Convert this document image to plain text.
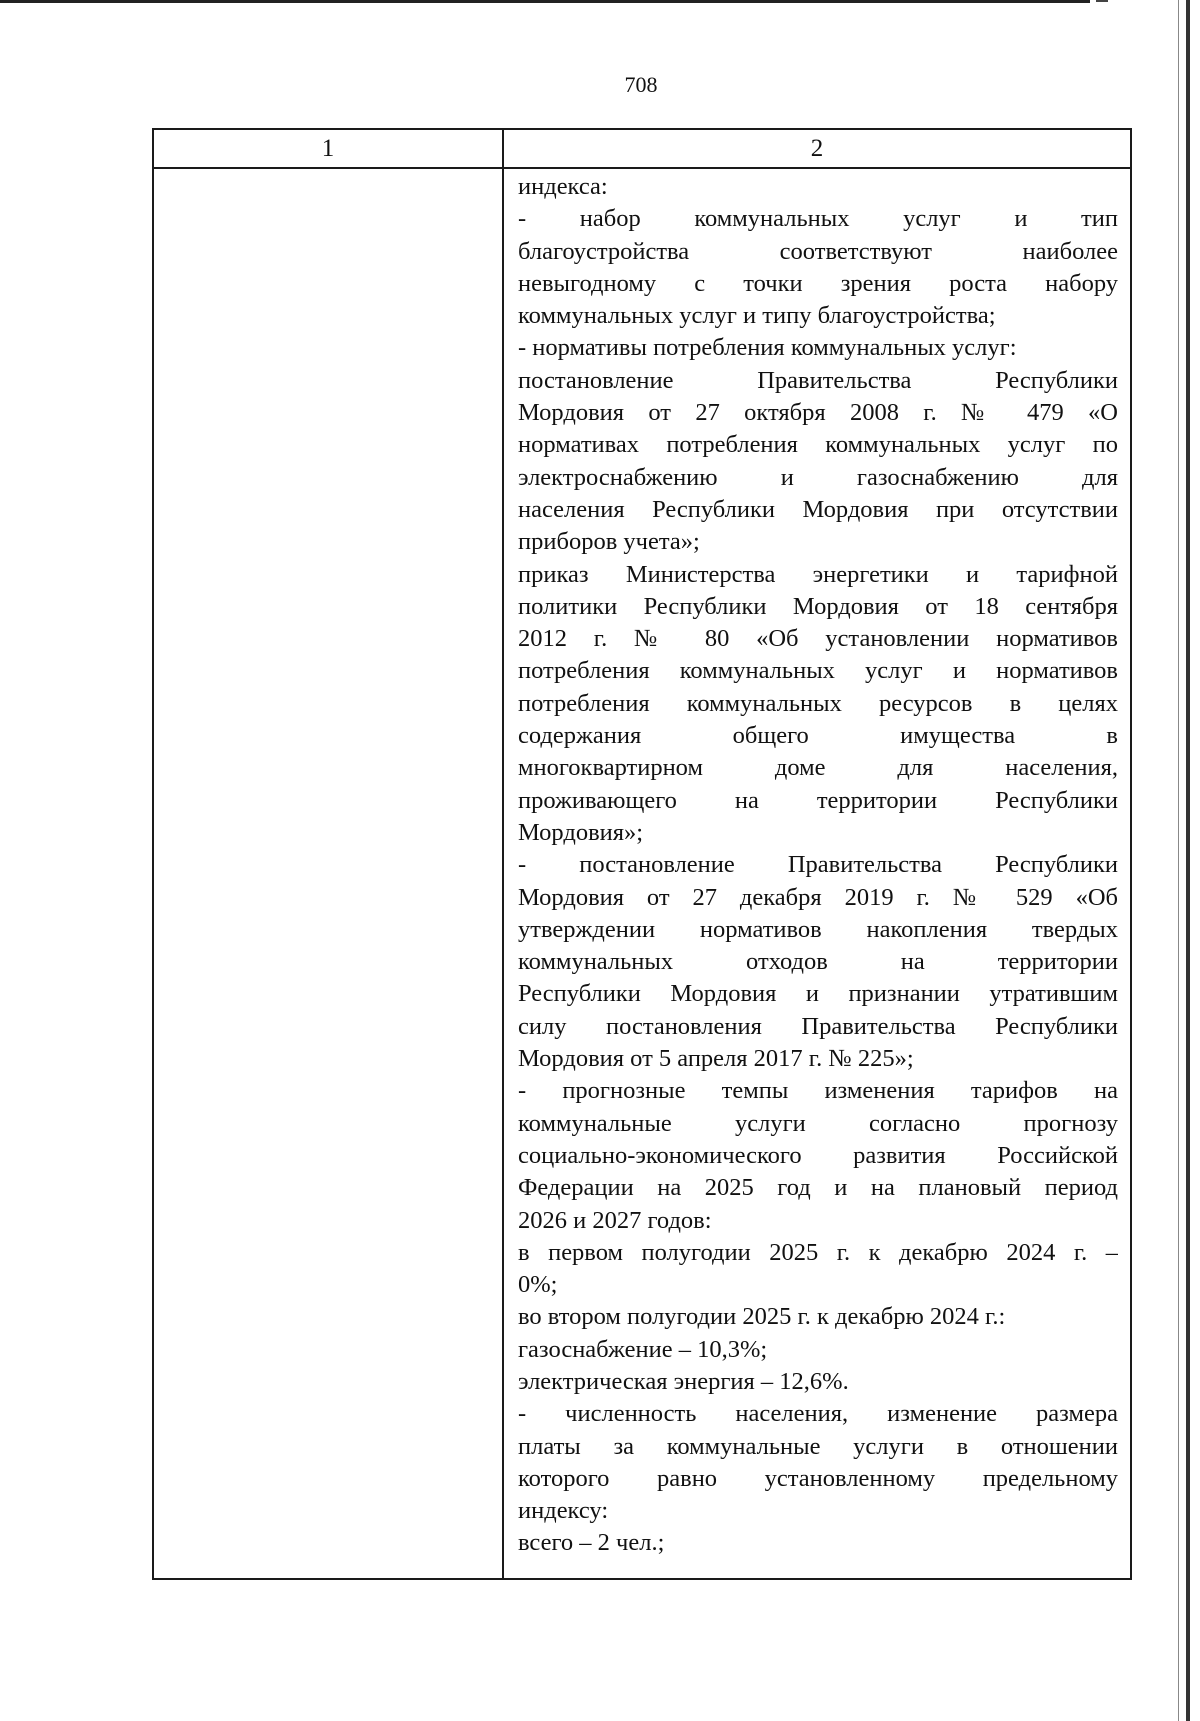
708
1	2
индекса:
- набор коммунальных услуг и тип
благоустройства соответствуют наиболее
невыгодному с точки зрения роста набору
коммунальных услуг и типу благоустройства;
- нормативы потребления коммунальных услуг:
постановление Правительства Республики
Мордовия от 27 октября 2008 г. № 479 «О
нормативах потребления коммунальных услуг по
электроснабжению и газоснабжению для
населения Республики Мордовия при отсутствии
приборов учета»;
приказ Министерства энергетики и тарифной
политики Республики Мордовия от 18 сентября
2012 г. № 80 «Об установлении нормативов
потребления коммунальных услуг и нормативов
потребления коммунальных ресурсов в целях
содержания общего имущества в
многоквартирном доме для населения,
проживающего на территории Республики
Мордовия»;
- постановление Правительства Республики
Мордовия от 27 декабря 2019 г. № 529 «Об
утверждении нормативов накопления твердых
коммунальных отходов на территории
Республики Мордовия и признании утратившим
силу постановления Правительства Республики
Мордовия от 5 апреля 2017 г. № 225»;
- прогнозные темпы изменения тарифов на
коммунальные услуги согласно прогнозу
социально-экономического развития Российской
Федерации на 2025 год и на плановый период
2026 и 2027 годов:
в первом полугодии 2025 г. к декабрю 2024 г. –
0%;
во втором полугодии 2025 г. к декабрю 2024 г.:
газоснабжение – 10,3%;
электрическая энергия – 12,6%.
- численность населения, изменение размера
платы за коммунальные услуги в отношении
которого равно установленному предельному
индексу:
всего – 2 чел.;
